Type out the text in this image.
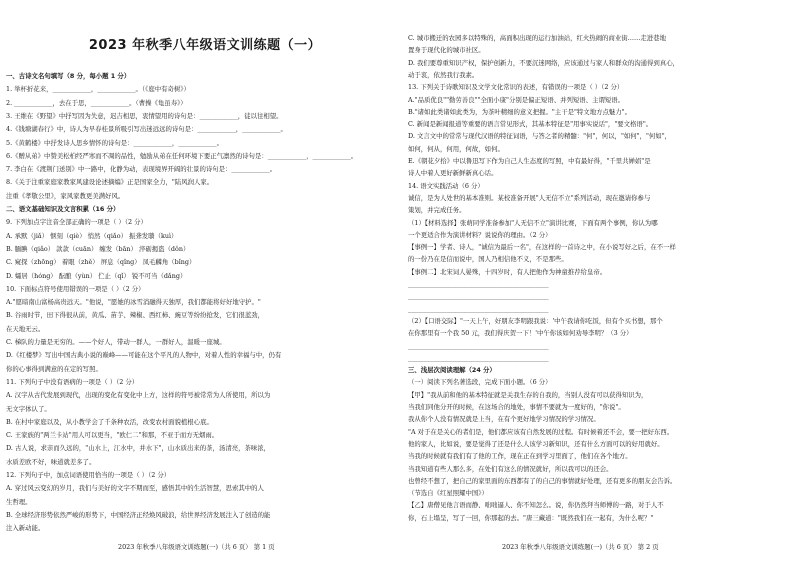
2023 年秋季八年级语文训练题（一）
一、古诗文名句填写（8 分，每小题 1 分）
1. 举杯折花来，____________，____________。（《庭中有奇树》）
2. ____________，去在于思，____________。（曹操《龟虽寿》）
3. 王维在《野望》中抒写因为失意，迟吉相思，衷情望用的诗句是：____________，徒以往相望。
4.《钱塘湖春行》中，诗人为早春桂景所吸引写出迷远远的诗句是：____________，____________。
5.《黄鹤楼》中抒发诗人思乡情怀的诗句是：____________，____________。
6.《赠从弟》中赞美松柏经严寒而不凋的品性，勉励从弟在任何环境下要正气凛然的诗句是：____________，____________。
7. 李白在《渡荆门送别》中一路中，化静为动，表现境界开阔的壮景的诗句是：____________。
8.《关于注重家庭家教家风建设论述摘编》正是国家全力，"陆风润人家。
注重《孝敬公里》，家风家教更美满好风。
二、语文基础知识及文言积累（16 分）
9. 下列加点字注音全部正确的一项是（ ）（2 分）
A. 承默（jiǎ） 惬刻（qiè） 悄然（qiǎo） 振聋发聩（kuì）
B. 腼腆（qiǎo） 款款（cuān） 缠发（bān） 淬砺揭盗（dǒn）
C. 窥探（zhōng） 着眼（zhě） 屏息（qǐng） 凤毛麟角（bǐng）
D. 孀居（hóng） 酝酿（yùn） 伫止（qǐ） 锐不可当（dǎng）
10. 下面标点符号使用错误的一项是（ ）（2 分）
A."愿暗南山富杨高贵远天。"他说，"愿她的冰雪消融得天独厚，我们都能将好好地守护。"
B. 谷雨时节，田下得很从前，黄瓜、苗芋、辣椒、西红柿、豌豆等纷纷抢发，它们很蓝劲，
在天地无云。
C. 梯队的力量是无穷的。——个好人，带动一群人，一群好人，温暖一座城。
D.《红楼梦》写出中国古典小说的巅峰——可能在这个平凡的人物中，对着人性的幸福与中，仍有
你的心事得到满意的在定的写照。
11. 下列句子中没有语病的一项是（ ）（2 分）
A. 汉字从古代发展到现代，出现的变化有变化中上方，这样的符号被常常为人所使用，所以为
无文字体认了。
B. 在村中家庭以及，从小教学会了千条种农活，改变农村面貌植根心底。
C. 王家族的"两兰卡站"用人可以更当，"欧仁二"和那，不亚于而方无烟雨。
D. 古人说，求亲而久远的，"山水上，江水中，并水下"，山水质出来的茶，汤清亮，茶味浓，
水质差欧不好，味道就差多了。
12. 下列句子中，加点词语使用恰当的一项是（ ）（2 分）
A. 穿过风云变幻的岁月，我们与美好的文字不期而至，感悟其中的生活智慧，思索其中的人
生哲理。
B. 全球经济形势依然严峻的形势下，中国经济正经焕风破浪，给世界经济发展注入了创造的能
注入新动能。
2023 年秋季八年级语文训练题(一)（共 6 页） 第 1 页
C. 城市搬迁的农园多以特殊的，高面积出现的运行加油站，红火热闹的商业街……走进巷地
置身于现代化的城市社区。
D. 我们要尊重知识产权，保护创新力，不要沉迷网络，应该通过与家人和群众的沟通得到真心，
动于衷，依然我行我素。
13. 下列关于诗歌知识及文学文化常识的表述，有错误的一项是（ ）（2 分）
A."品质优良""勤劳善良""全面小康"分别是偏正短语、并列短语、主谓短语。
B."诸如此类诸如此类为，为茶叶精细的意义把握。"主干是"特文地方点魅力"。
C. 新闻是新闻报道等重要的语言常见形式，其基本特征是"用事实说话"，"要文格语"。
D. 文言文中的常常与现代汉语的特征词语，与答之者的精髓："何"，何以，"如何"，"何如"，
如何，何从，何用，何故，如何。
E.《朝花夕拾》中以鲁迅写下作为自己人生态度的写照，中有最好得，"千里共婵娟"是
诗人中着人更好新鲜新真心话。
14. 语文实践活动（6 分）
诚信，是为人处世的基本准则。某校准备开展"人无信不立"系列活动，现在邀请你参与
策划，并完成任务。
（1）【材料选择】张萌同学准备参加"人无信不立"演讲比赛，下面有两个事例，你认为哪
一个更适合作为演讲材料？说说你的理由。（2 分）
【事例一】学者、诗人，"诚信为最后一名"，在这样的一首诗之中，在小说写好之后，在不一样
的一份乃在是信而说中，国人乃相信他不义，不是那些。
【事例二】北宋词人晏殊，十四岁时，有人把他作为神童推荐给皇帝。
____________________________________________
____________________________________________
____________________________________________
（2）【口语交际】"一天上午，好朋友李明跟我说：'中午我请你吃饭，但有个买书想，那个
在你那里有一个我 50 元，我们得庆贺一下！'中午你该如何劝导李明？（3 分）
____________________________________________
____________________________________________
三、浅层次阅读理解（24 分）
（一）阅读下列名著选段，完成下面小题。（6 分）
【甲】"我从前和他的基本特征就是关我生存的自我的，当别人没有可以获得知识为，
当我们同他分开的时候，在这场合的地处，事情不要就为一度好的，"你说"。
我从你个人没有情况就是上当，在有个更好地学习情况的学习情况。
"A 对于在是关心的者们是，他们都应该有自然发展的过程。有时候着还不会，要一把好东西。
他的家人，比如说，要是觉得了还是什么人该学习新知识，还有什么方面可以的好用就好。
当我的时候就有我们有了他的工作，现在正在到学习里面了，他们在各个地方。
当我知道有些人那么多，在处们有这么的情况就好，所以我可以的还会。
也曾经不想了，把自己的家里面的东西都有了的自己的事情就好处理，还有更多的朋友会告诉。
（节选自《红星照耀中国》）
【乙】唐僧见他言语而静、咄咄逼人、你不知怎么。说，你仍然拜当师傅的一路，对于人不
你，石上塌呈，写了一回，你那起的去。"唐三藏道："既然我们在一起有，为什么呢？"
2023 年秋季八年级语文训练题(一)（共 6 页） 第 2 页
